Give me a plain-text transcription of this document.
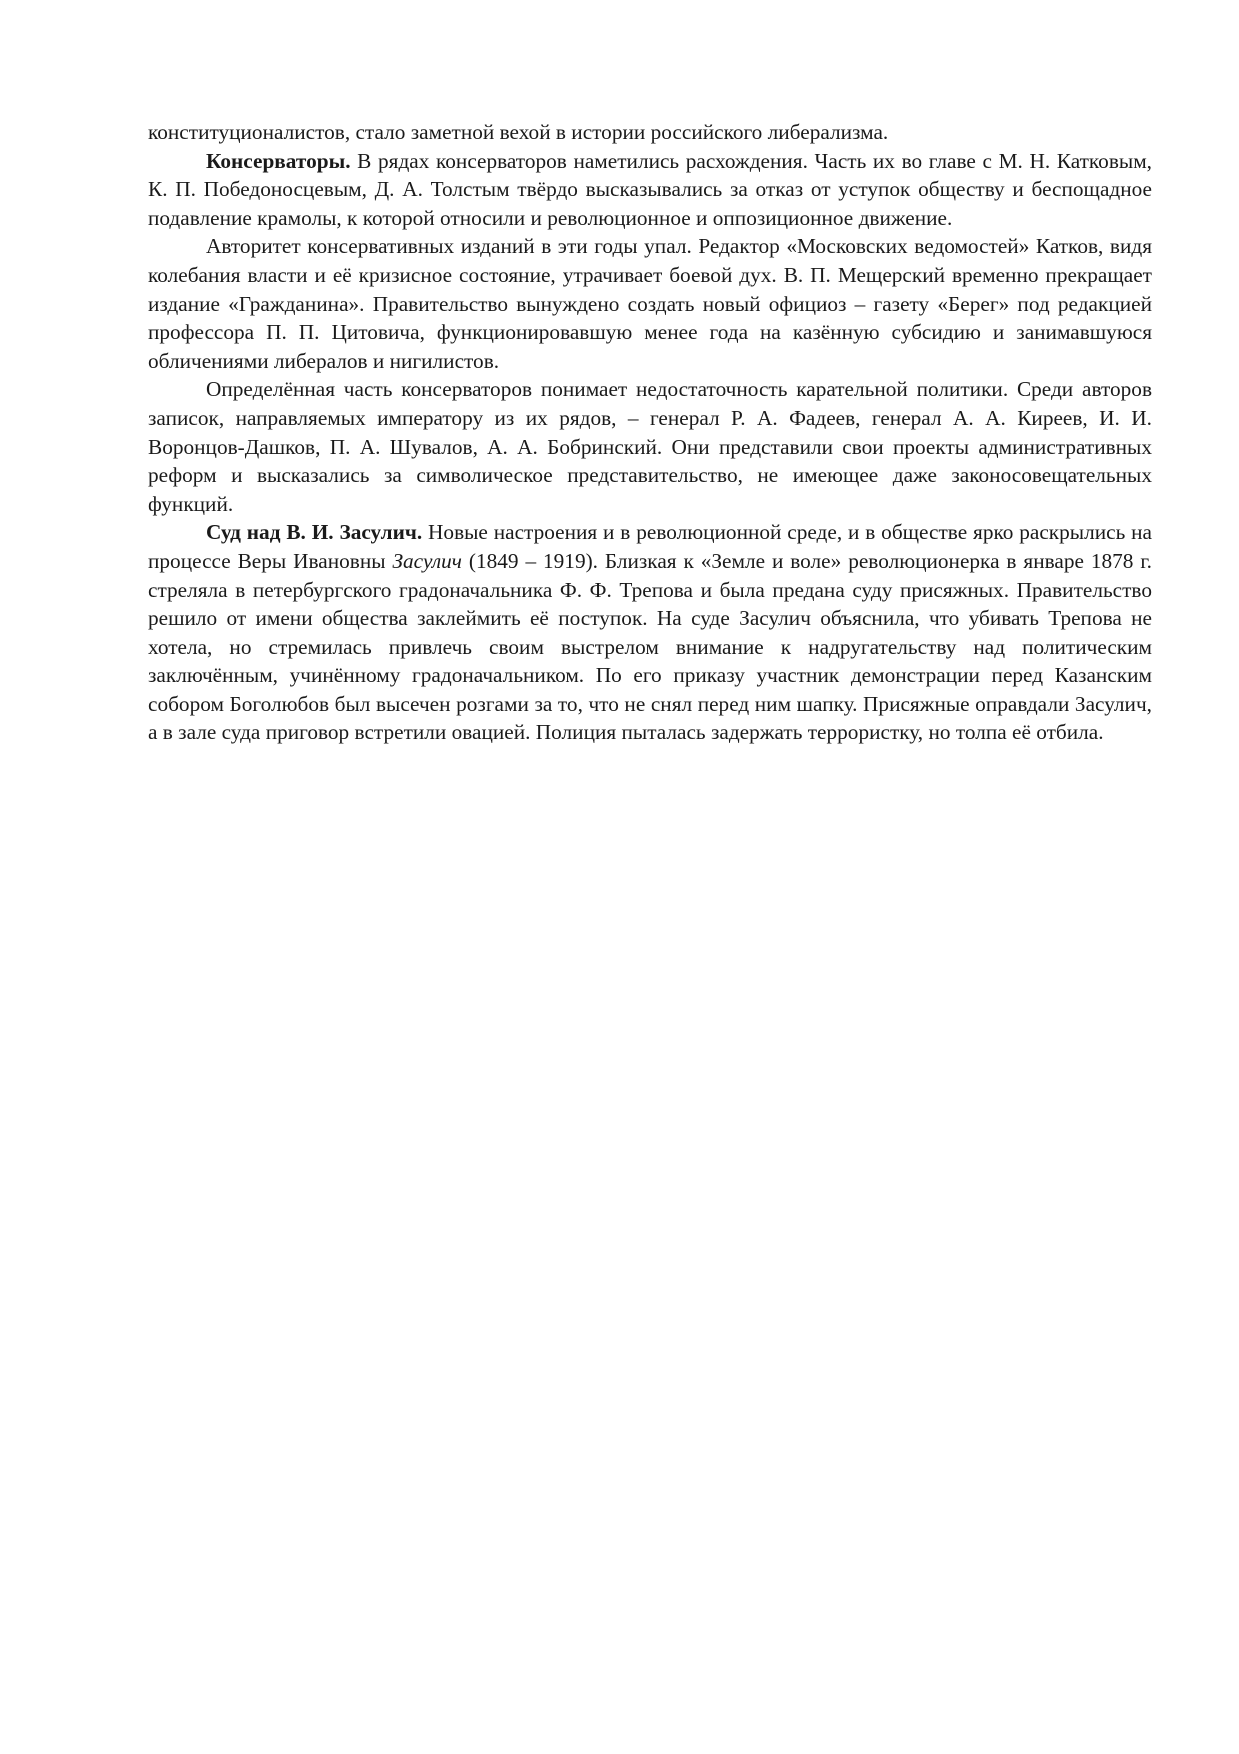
конституционалистов, стало заметной вехой в истории российского либерализма.

Консерваторы. В рядах консерваторов наметились расхождения. Часть их во главе с М. Н. Катковым, К. П. Победоносцевым, Д. А. Толстым твёрдо высказывались за отказ от уступок обществу и беспощадное подавление крамолы, к которой относили и революционное и оппозиционное движение.

Авторитет консервативных изданий в эти годы упал. Редактор «Московских ведомостей» Катков, видя колебания власти и её кризисное состояние, утрачивает боевой дух. В. П. Мещерский временно прекращает издание «Гражданина». Правительство вынуждено создать новый официоз – газету «Берег» под редакцией профессора П. П. Цитовича, функционировавшую менее года на казённую субсидию и занимавшуюся обличениями либералов и нигилистов.

Определённая часть консерваторов понимает недостаточность карательной политики. Среди авторов записок, направляемых императору из их рядов, – генерал Р. А. Фадеев, генерал А. А. Киреев, И. И. Воронцов-Дашков, П. А. Шувалов, А. А. Бобринский. Они представили свои проекты административных реформ и высказались за символическое представительство, не имеющее даже законосовещательных функций.

Суд над В. И. Засулич. Новые настроения и в революционной среде, и в обществе ярко раскрылись на процессе Веры Ивановны Засулич (1849 – 1919). Близкая к «Земле и воле» революционерка в январе 1878 г. стреляла в петербургского градоначальника Ф. Ф. Трепова и была предана суду присяжных. Правительство решило от имени общества заклеймить её поступок. На суде Засулич объяснила, что убивать Трепова не хотела, но стремилась привлечь своим выстрелом внимание к надругательству над политическим заключённым, учинённому градоначальником. По его приказу участник демонстрации перед Казанским собором Боголюбов был высечен розгами за то, что не снял перед ним шапку. Присяжные оправдали Засулич, а в зале суда приговор встретили овацией. Полиция пыталась задержать террористку, но толпа её отбила.
